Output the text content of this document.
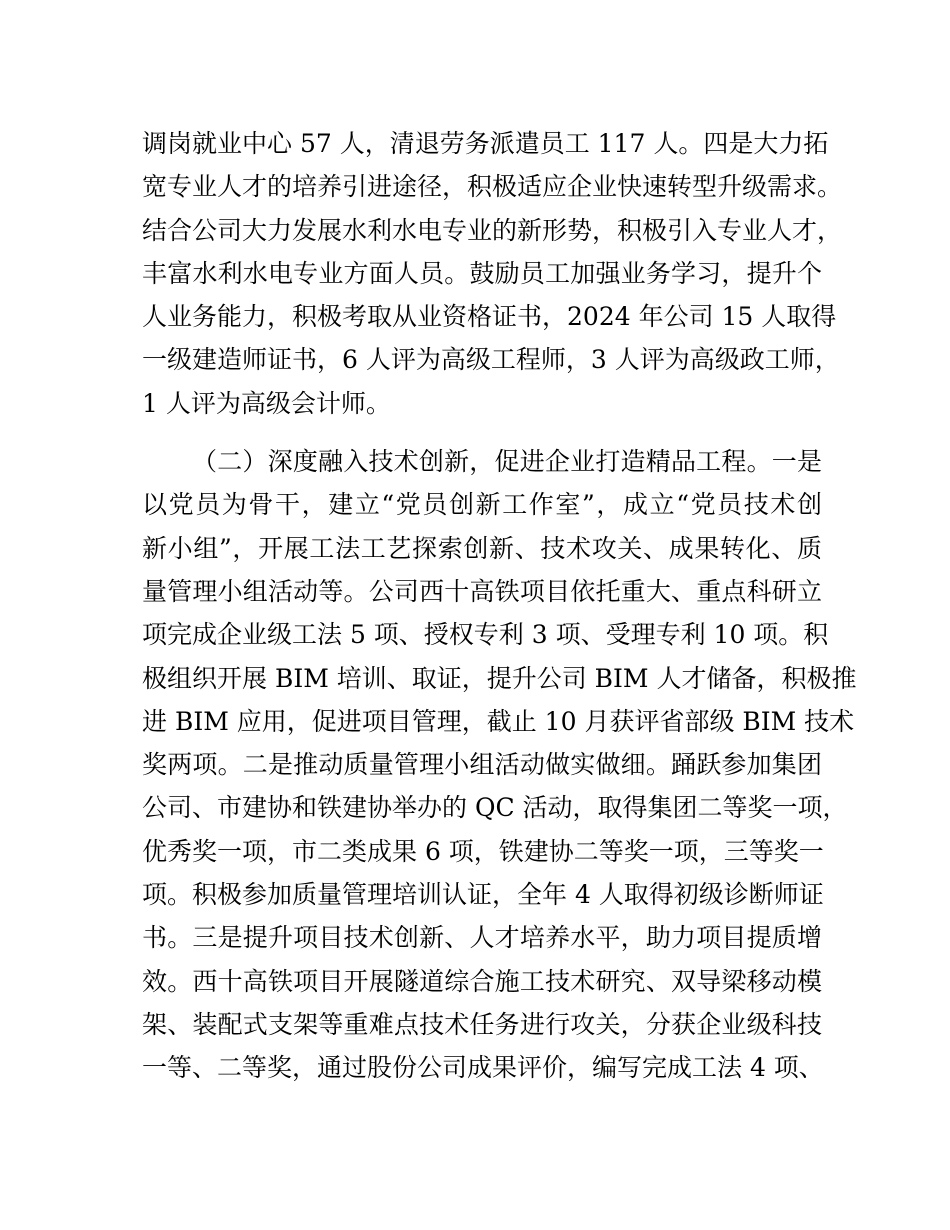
调岗就业中心 57 人，清退劳务派遣员工 117 人。四是大力拓
宽专业人才的培养引进途径，积极适应企业快速转型升级需求。
结合公司大力发展水利水电专业的新形势，积极引入专业人才，
丰富水利水电专业方面人员。鼓励员工加强业务学习，提升个
人业务能力，积极考取从业资格证书，2024 年公司 15 人取得
一级建造师证书，6 人评为高级工程师，3 人评为高级政工师，
1 人评为高级会计师。
（二）深度融入技术创新，促进企业打造精品工程。一是
以党员为骨干，建立“党员创新工作室”，成立“党员技术创
新小组”，开展工法工艺探索创新、技术攻关、成果转化、质
量管理小组活动等。公司西十高铁项目依托重大、重点科研立
项完成企业级工法 5 项、授权专利 3 项、受理专利 10 项。积
极组织开展 BIM 培训、取证，提升公司 BIM 人才储备，积极推
进 BIM 应用，促进项目管理，截止 10 月获评省部级 BIM 技术
奖两项。二是推动质量管理小组活动做实做细。踊跃参加集团
公司、市建协和铁建协举办的 QC 活动，取得集团二等奖一项，
优秀奖一项，市二类成果 6 项，铁建协二等奖一项，三等奖一
项。积极参加质量管理培训认证，全年 4 人取得初级诊断师证
书。三是提升项目技术创新、人才培养水平，助力项目提质增
效。西十高铁项目开展隧道综合施工技术研究、双导梁移动模
架、装配式支架等重难点技术任务进行攻关，分获企业级科技
一等、二等奖，通过股份公司成果评价，编写完成工法 4 项、
